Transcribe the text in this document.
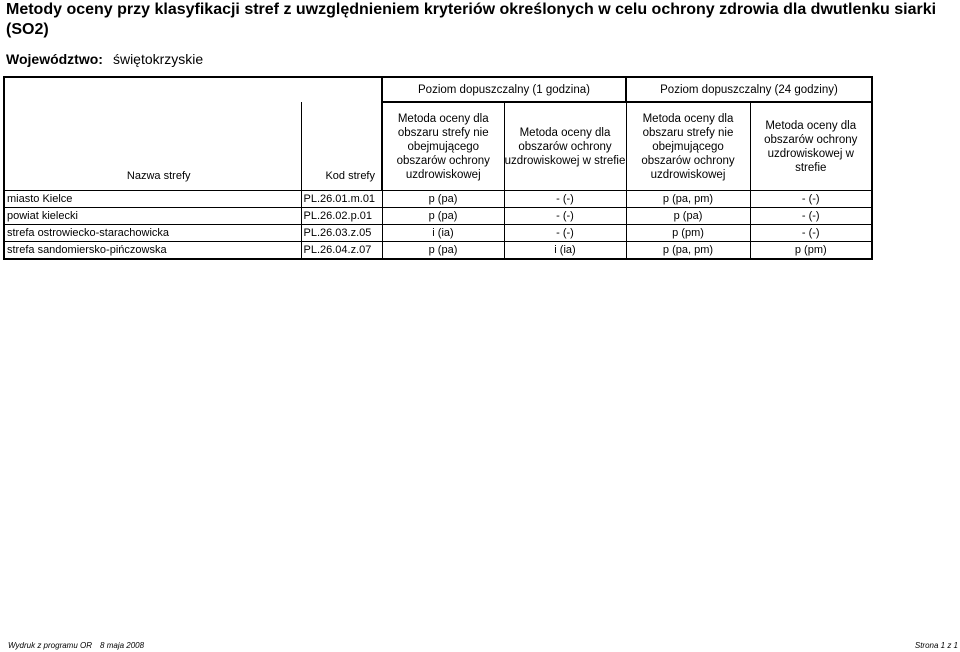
Metody oceny przy klasyfikacji stref z uwzględnieniem kryteriów określonych w celu ochrony zdrowia dla dwutlenku siarki (SO2)
Województwo: świętokrzyskie
		Poziom dopuszczalny (1 godzina)		Poziom dopuszczalny (24 godziny)	
Nazwa strefy	Kod strefy	Metoda oceny dla obszaru strefy nie obejmującego obszarów ochrony uzdrowiskowej	Metoda oceny dla obszarów ochrony uzdrowiskowej w strefie	Metoda oceny dla obszaru strefy nie obejmującego obszarów ochrony uzdrowiskowej	Metoda oceny dla obszarów ochrony uzdrowiskowej w strefie
miasto Kielce	PL.26.01.m.01	p (pa)	- (-)	p (pa, pm)	- (-)
powiat kielecki	PL.26.02.p.01	p (pa)	- (-)	p (pa)	- (-)
strefa ostrowiecko-starachowicka	PL.26.03.z.05	i (ia)	- (-)	p (pm)	- (-)
strefa sandomiersko-pińczowska	PL.26.04.z.07	p (pa)	i (ia)	p (pa, pm)	p (pm)
Wydruk z programu OR 8 maja 2008	Strona 1 z 1
